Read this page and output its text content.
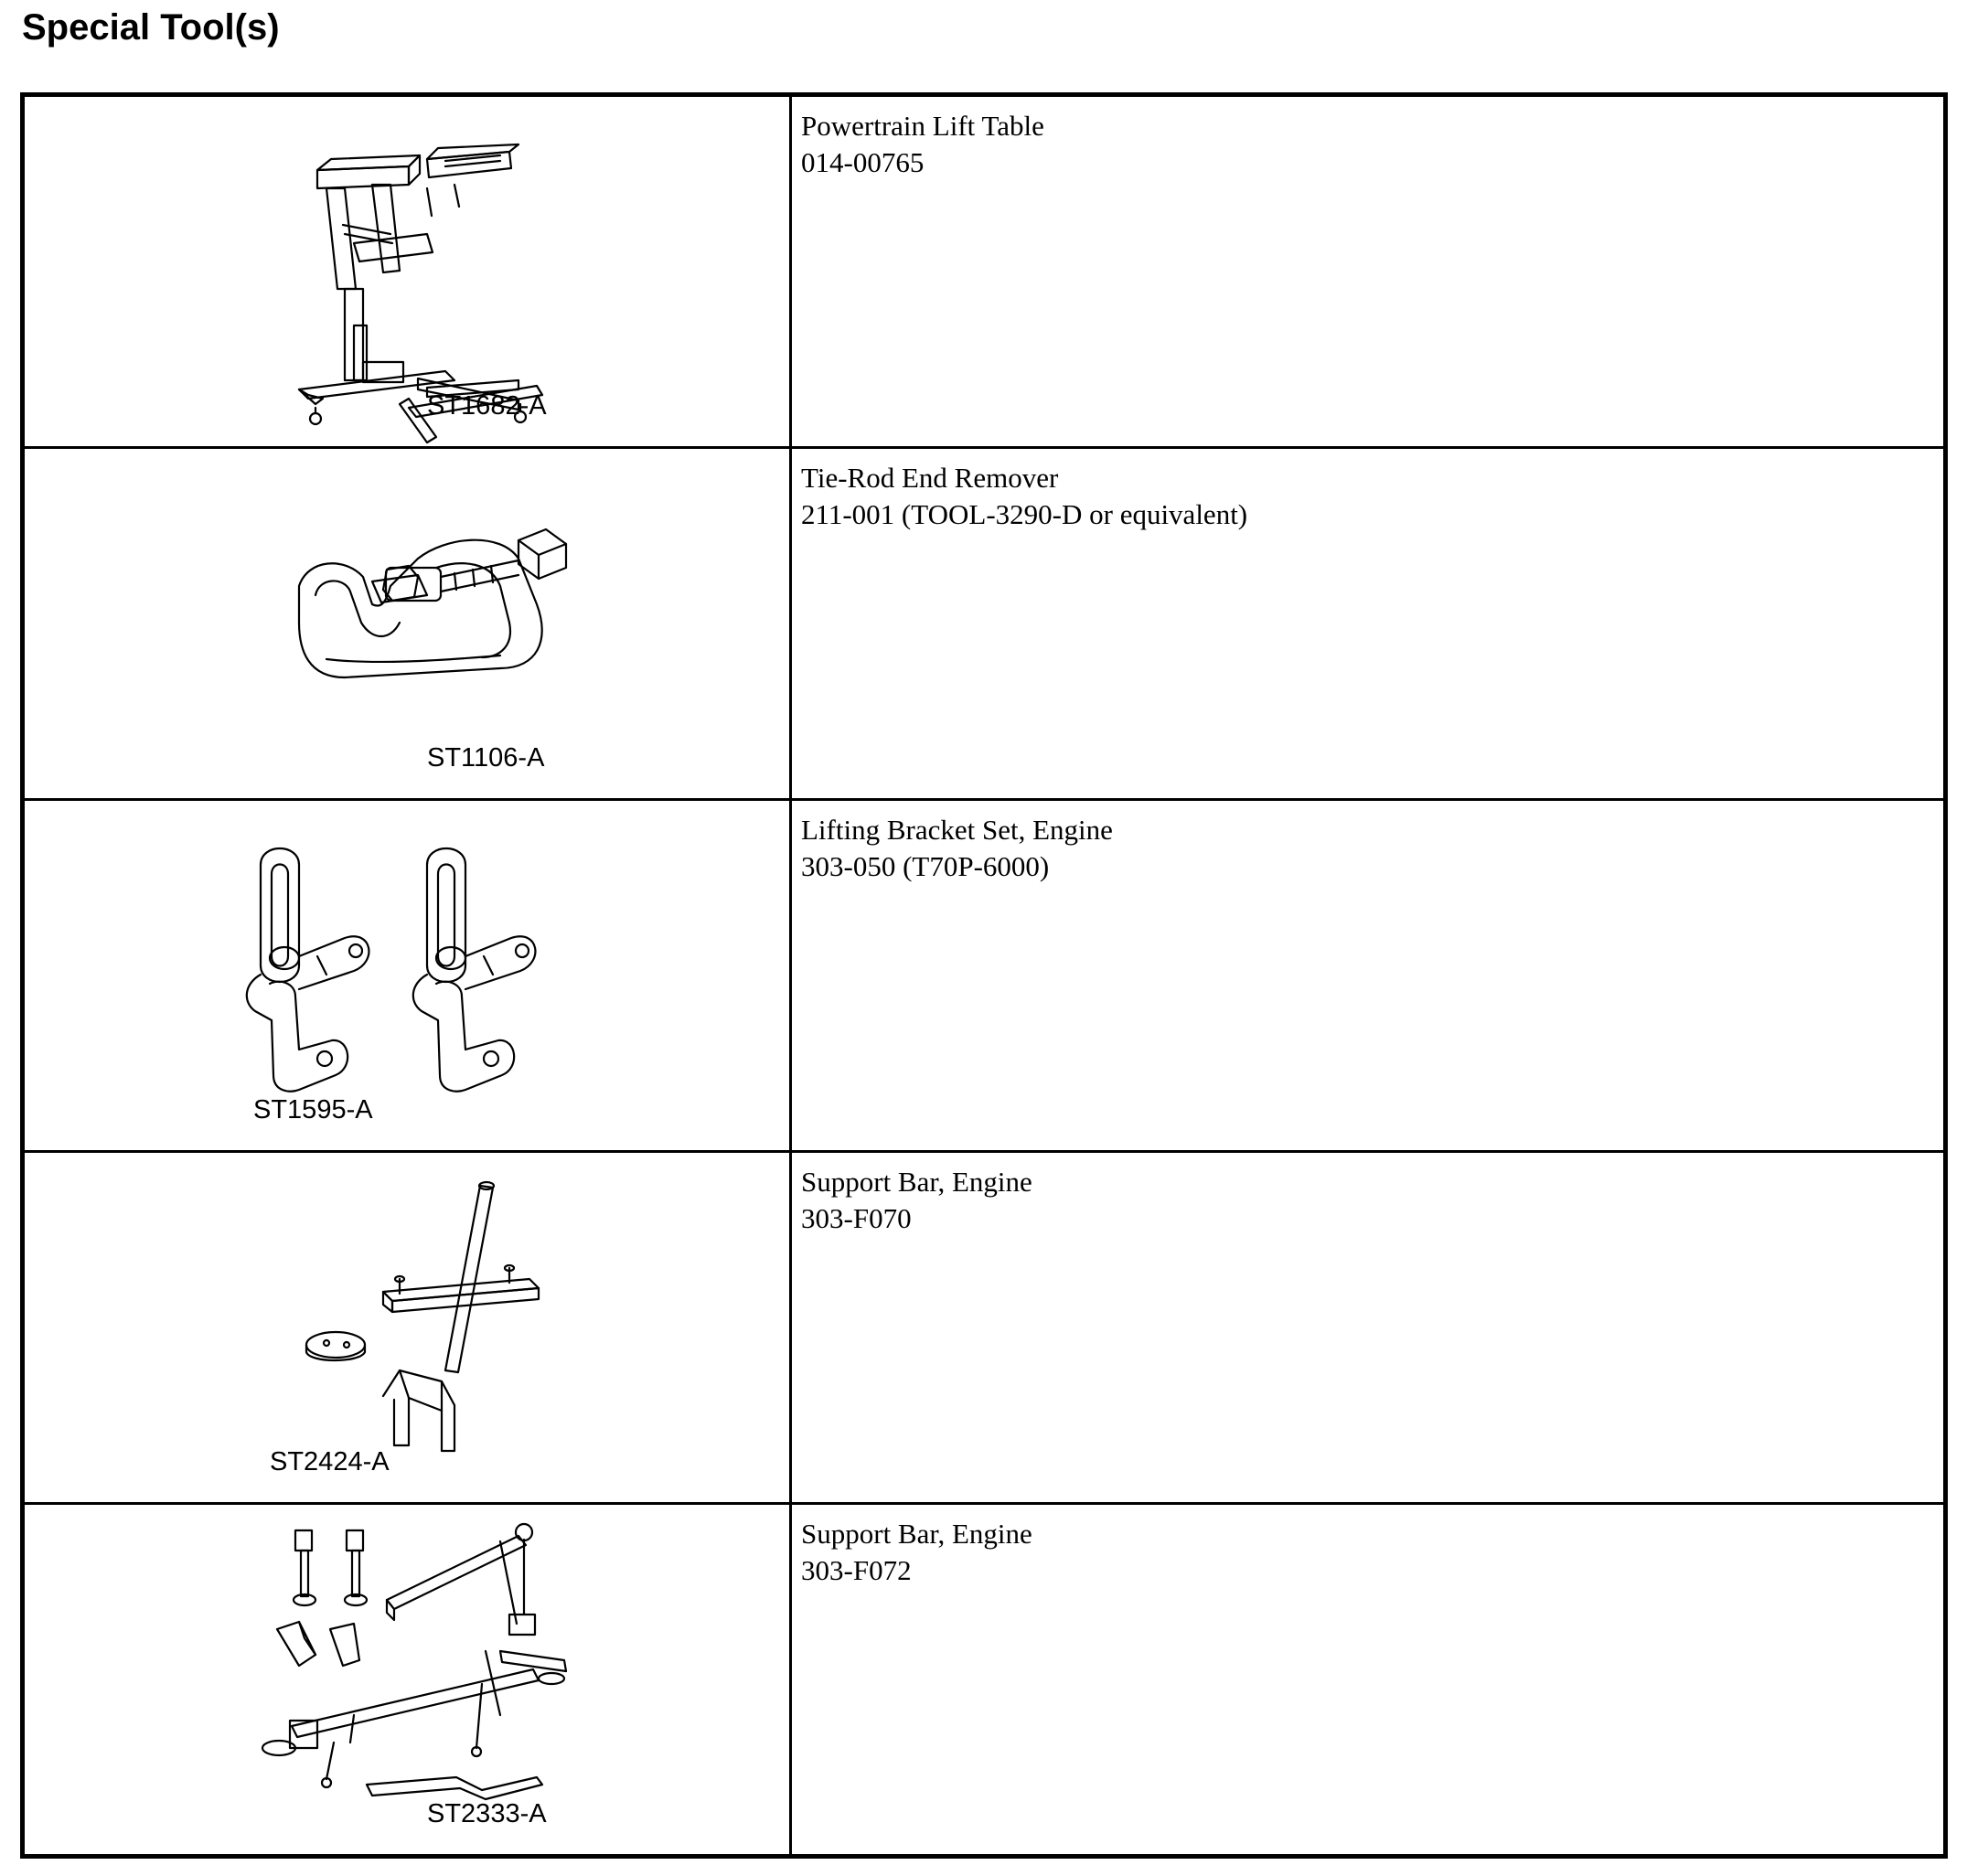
Special Tool(s)
ST1682-A	Powertrain Lift Table
014-00765

ST1106-A	Tie-Rod End Remover
211-001 (TOOL-3290-D or equivalent)

ST1595-A	Lifting Bracket Set, Engine
303-050 (T70P-6000)

ST2424-A	Support Bar, Engine
303-F070

ST2333-A	Support Bar, Engine
303-F072
